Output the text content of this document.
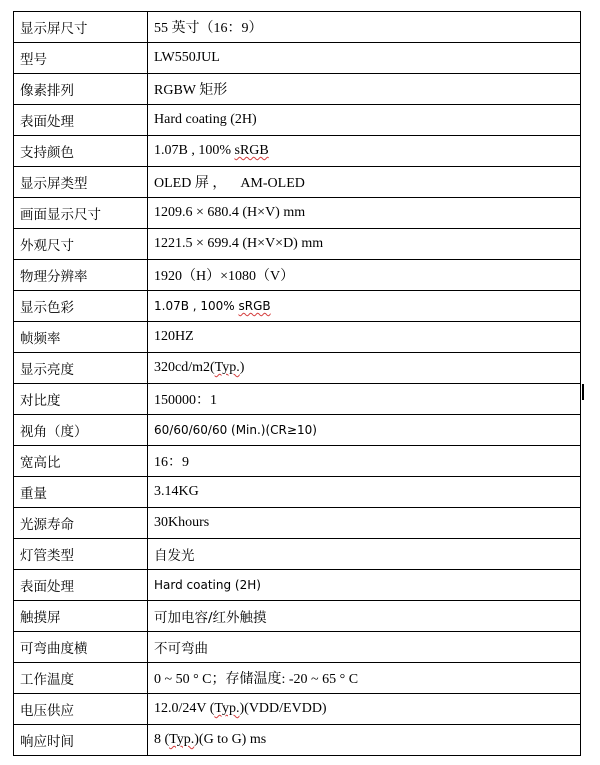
显示屏尺寸	55 英寸（16：9）
型号	LW550JUL
像素排列	RGBW 矩形
表面处理	Hard coating (2H)
支持颜色	1.07B , 100% sRGB
显示屏类型	OLED 屏 ，    AM-OLED
画面显示尺寸	1209.6 × 680.4 (H×V) mm
外观尺寸	1221.5 × 699.4 (H×V×D) mm
物理分辨率	1920（H）×1080（V）
显示色彩	1.07B , 100% sRGB
帧频率	120HZ
显示亮度	320cd/m2(Typ.)
对比度	150000：1
视角（度）	60/60/60/60 (Min.)(CR≥10)
宽高比	16：9
重量	3.14KG
光源寿命	30Khours
灯管类型	自发光
表面处理	Hard coating (2H)
触摸屏	可加电容/红外触摸
可弯曲度横	不可弯曲
工作温度	0 ~ 50 ° C；存储温度: -20 ~ 65 ° C
电压供应	12.0/24V (Typ.)(VDD/EVDD)
响应时间	8 (Typ.)(G to G) ms
